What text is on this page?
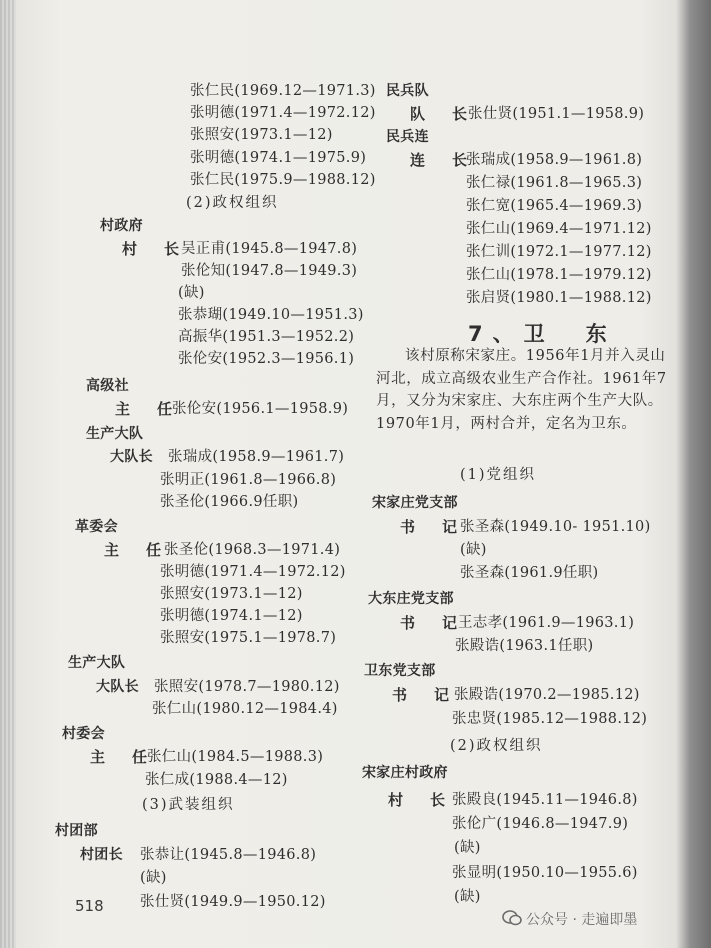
张仁民(1969.12—1971.3)
张明德(1971.4—1972.12)
张照安(1973.1—12)
张明德(1974.1—1975.9)
张仁民(1975.9—1988.12)
(2)政权组织
村政府
村　长
吴正甫(1945.8—1947.8)
张伦知(1947.8—1949.3)
(缺)
张恭瑚(1949.10—1951.3)
高振华(1951.3—1952.2)
张伦安(1952.3—1956.1)
高级社
主　任
张伦安(1956.1—1958.9)
生产大队
大队长 张瑞成(1958.9—1961.7)
张明正(1961.8—1966.8)
张圣伦(1966.9任职)
革委会
主　任
张圣伦(1968.3—1971.4)
张明德(1971.4—1972.12)
张照安(1973.1—12)
张明德(1974.1—12)
张照安(1975.1—1978.7)
生产大队
大队长 张照安(1978.7—1980.12)
张仁山(1980.12—1984.4)
村委会
主　任
张仁山(1984.5—1988.3)
张仁成(1988.4—12)
(3)武装组织
村团部
村团长 张恭让(1945.8—1946.8)
(缺)
张仕贤(1949.9—1950.12)
民兵队
队　长
张仕贤(1951.1—1958.9)
民兵连
连　长
张瑞成(1958.9—1961.8)
张仁禄(1961.8—1965.3)
张仁宽(1965.4—1969.3)
张仁山(1969.4—1971.12)
张仁训(1972.1—1977.12)
张仁山(1978.1—1979.12)
张启贤(1980.1—1988.12)
7、卫　东
该村原称宋家庄。1956年1月并入灵山河北，成立高级农业生产合作社。1961年7月，又分为宋家庄、大东庄两个生产大队。1970年1月，两村合并，定名为卫东。
(1)党组织
宋家庄党支部
书　记
张圣森(1949.10- 1951.10)
(缺)
张圣森(1961.9任职)
大东庄党支部
书　记
王志孝(1961.9—1963.1)
张殿诰(1963.1任职)
卫东党支部
书　记
张殿诰(1970.2—1985.12)
张忠贤(1985.12—1988.12)
(2)政权组织
宋家庄村政府
村　长 张殿良(1945.11—1946.8)
张伦广(1946.8—1947.9)
(缺)
张显明(1950.10—1955.6)
(缺)
518
公众号 · 走遍即墨
